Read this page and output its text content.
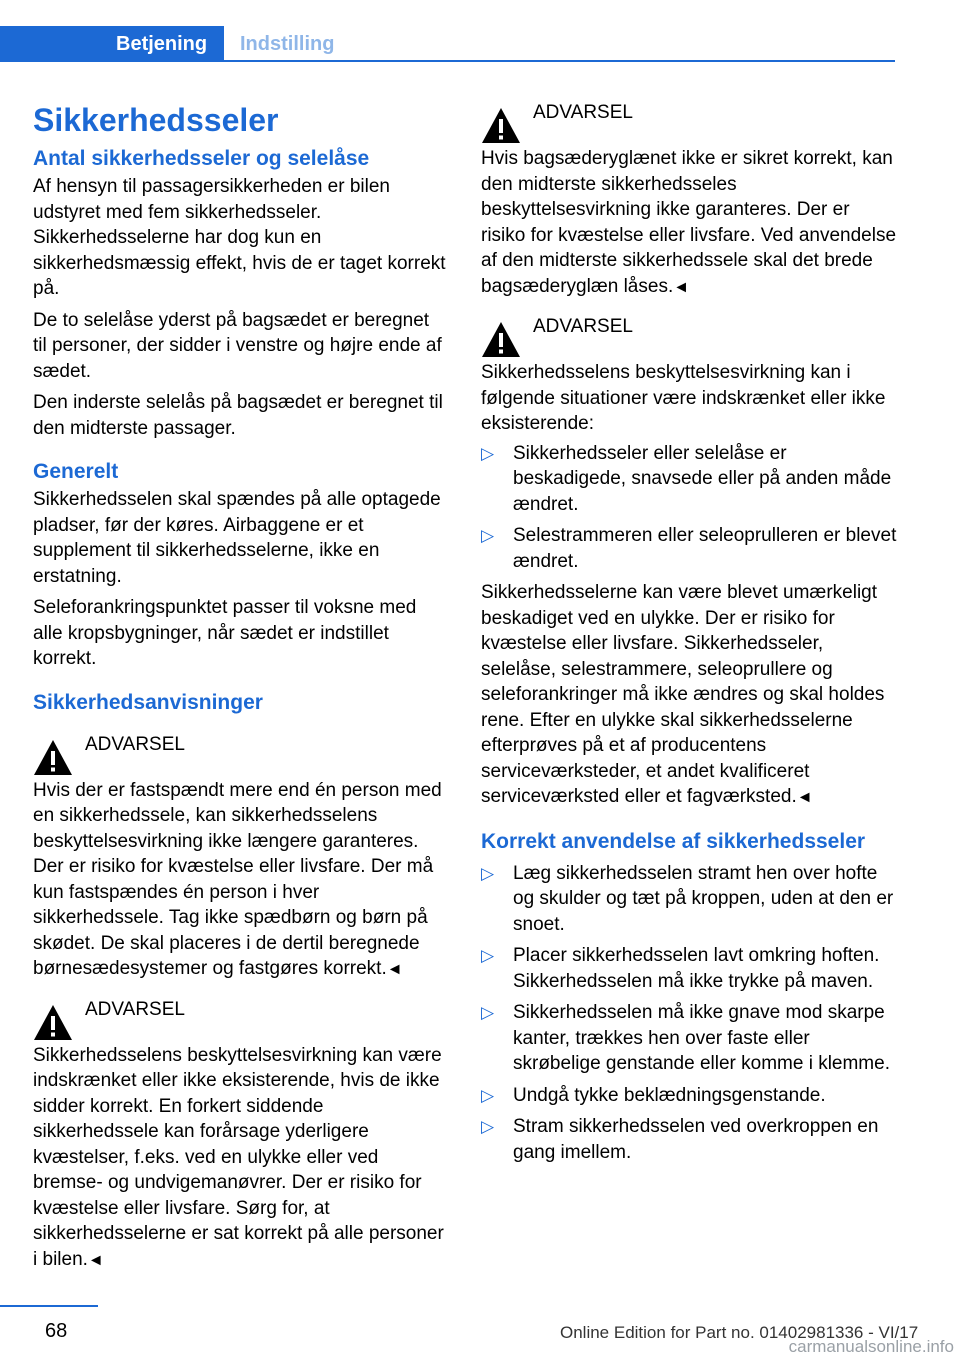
Betjening	Indstilling
Sikkerhedsseler
Antal sikkerhedsseler og selelåse

Af hensyn til passagersikkerheden er bilen udstyret med fem sikkerhedsseler. Sikkerhedsselerne har dog kun en sikkerhedsmæssig effekt, hvis de er taget korrekt på.

De to selelåse yderst på bagsædet er beregnet til personer, der sidder i venstre og højre ende af sædet.

Den inderste selelås på bagsædet er beregnet til den midterste passager.

Generelt

Sikkerhedsselen skal spændes på alle optagede pladser, før der køres. Airbaggene er et supplement til sikkerhedsselerne, ikke en erstatning.

Seleforankringspunktet passer til voksne med alle kropsbygninger, når sædet er indstillet korrekt.

Sikkerhedsanvisninger
ADVARSEL

Hvis der er fastspændt mere end én person med en sikkerhedssele, kan sikkerhedsselens beskyttelsesvirkning ikke længere garanteres. Der er risiko for kvæstelse eller livsfare. Der må kun fastspændes én person i hver sikkerhedssele. Tag ikke spædbørn og børn på skødet. De skal placeres i de dertil beregnede børnesædesystemer og fastgøres korrekt.◄

ADVARSEL

Sikkerhedsselens beskyttelsesvirkning kan være indskrænket eller ikke eksisterende, hvis de ikke sidder korrekt. En forkert siddende sikkerhedssele kan forårsage yderligere kvæstelser, f.eks. ved en ulykke eller ved bremse- og undvigemanøvrer. Der er risiko for kvæstelse eller livsfare. Sørg for, at sikkerhedsselerne er sat korrekt på alle personer i bilen.◄

ADVARSEL

Hvis bagsæderyglænet ikke er sikret korrekt, kan den midterste sikkerhedsseles beskyttelsesvirkning ikke garanteres. Der er risiko for kvæstelse eller livsfare. Ved anvendelse af den midterste sikkerhedssele skal det brede bagsæderyglæn låses.◄

ADVARSEL

Sikkerhedsselens beskyttelsesvirkning kan i følgende situationer være indskrænket eller ikke eksisterende:

▷ Sikkerhedsseler eller selelåse er beskadigede, snavsede eller på anden måde ændret.
▷ Selestrammeren eller seleoprulleren er blevet ændret.

Sikkerhedsselerne kan være blevet umærkeligt beskadiget ved en ulykke. Der er risiko for kvæstelse eller livsfare. Sikkerhedsseler, selelåse, selestrammere, seleoprullere og seleforankringer må ikke ændres og skal holdes rene. Efter en ulykke skal sikkerhedsselerne efterprøves på et af producentens serviceværksteder, et andet kvalificeret serviceværksted eller et fagværksted.◄

Korrekt anvendelse af sikkerhedsseler
▷ Læg sikkerhedsselen stramt hen over hofte og skulder og tæt på kroppen, uden at den er snoet.
▷ Placer sikkerhedsselen lavt omkring hoften. Sikkerhedsselen må ikke trykke på maven.
▷ Sikkerhedsselen må ikke gnave mod skarpe kanter, trækkes hen over faste eller skrøbelige genstande eller komme i klemme.
▷ Undgå tykke beklædningsgenstande.
▷ Stram sikkerhedsselen ved overkroppen en gang imellem.
68	Online Edition for Part no. 01402981336 - VI/17
carmanualsonline.info
